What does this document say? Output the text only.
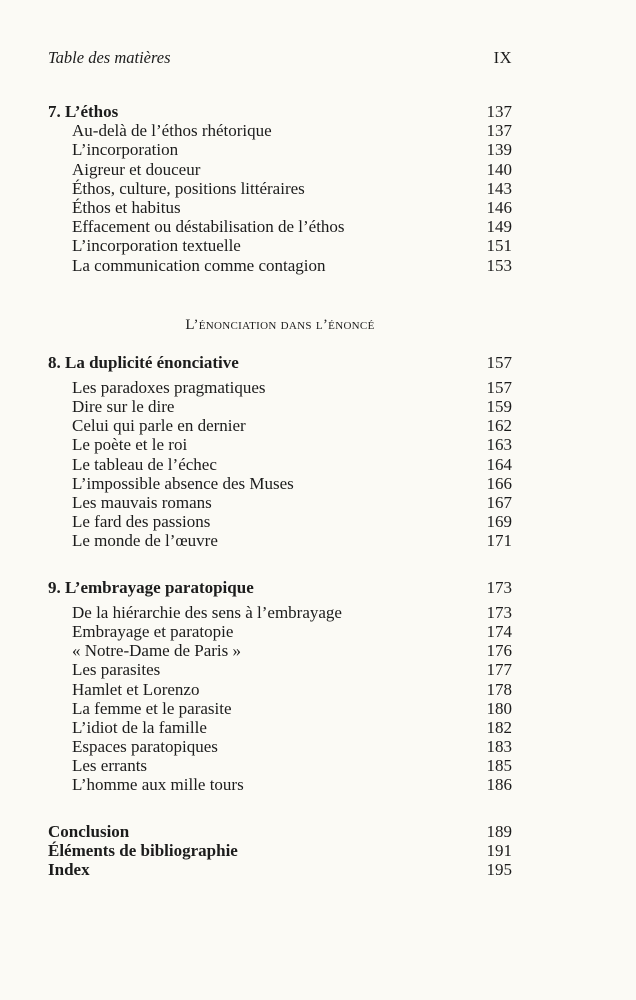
Table des matières	IX
7. L’éthos	137
Au-delà de l’éthos rhétorique	137
L’incorporation	139
Aigreur et douceur	140
Éthos, culture, positions littéraires	143
Éthos et habitus	146
Effacement ou déstabilisation de l’éthos	149
L’incorporation textuelle	151
La communication comme contagion	153
L’énonciation dans l’énoncé
8. La duplicité énonciative	157
Les paradoxes pragmatiques	157
Dire sur le dire	159
Celui qui parle en dernier	162
Le poète et le roi	163
Le tableau de l’échec	164
L’impossible absence des Muses	166
Les mauvais romans	167
Le fard des passions	169
Le monde de l’œuvre	171
9. L’embrayage paratopique	173
De la hiérarchie des sens à l’embrayage	173
Embrayage et paratopie	174
« Notre-Dame de Paris »	176
Les parasites	177
Hamlet et Lorenzo	178
La femme et le parasite	180
L’idiot de la famille	182
Espaces paratopiques	183
Les errants	185
L’homme aux mille tours	186
Conclusion	189
Éléments de bibliographie	191
Index	195
